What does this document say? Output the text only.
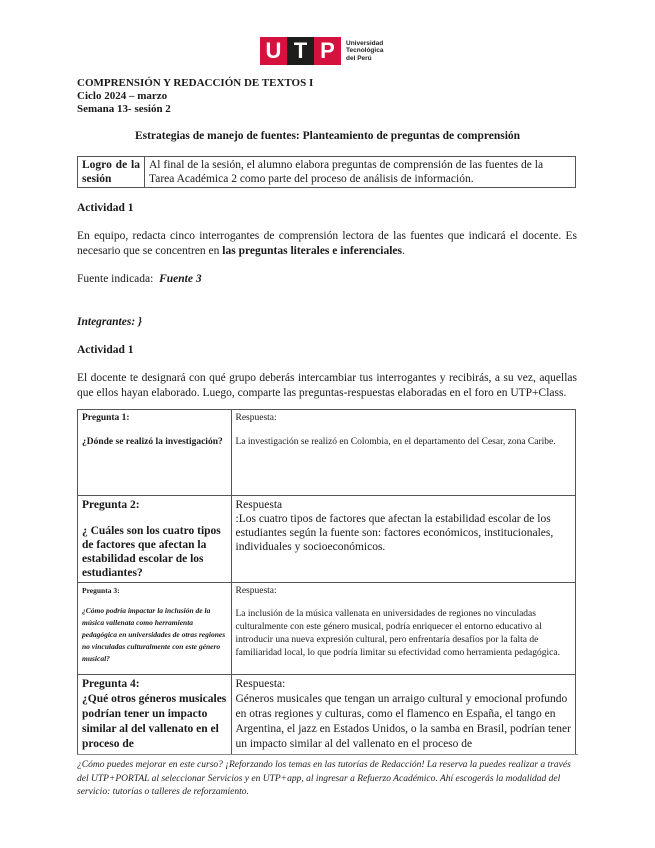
U T P	Universidad
Tecnológica
del Perú
COMPRENSIÓN Y REDACCIÓN DE TEXTOS I
Ciclo 2024 – marzo
Semana 13- sesión 2
Estrategias de manejo de fuentes: Planteamiento de preguntas de comprensión
Logro de la sesión	Al final de la sesión, el alumno elabora preguntas de comprensión de las fuentes de la Tarea Académica 2 como parte del proceso de análisis de información.
Actividad 1
En equipo, redacta cinco interrogantes de comprensión lectora de las fuentes que indicará el docente. Es necesario que se concentren en las preguntas literales e inferenciales.
Fuente indicada: Fuente 3
Integrantes: }
Actividad 1
El docente te designará con qué grupo deberás intercambiar tus interrogantes y recibirás, a su vez, aquellas que ellos hayan elaborado. Luego, comparte las preguntas-respuestas elaboradas en el foro en UTP+Class.
Pregunta 1:
¿Dónde se realizó la investigación?

Respuesta:
La investigación se realizó en Colombia, en el departamento del Cesar, zona Caribe.

Pregunta 2:
¿ Cuáles son los cuatro tipos de factores que afectan la estabilidad escolar de los estudiantes?

Respuesta
:Los cuatro tipos de factores que afectan la estabilidad escolar de los estudiantes según la fuente son: factores económicos, institucionales, individuales y socioeconómicos.

Pregunta 3:
¿Cómo podría impactar la inclusión de la música vallenata como herramienta pedagógica en universidades de otras regiones no vinculadas culturalmente con este género musical?

Respuesta:
La inclusión de la música vallenata en universidades de regiones no vinculadas culturalmente con este género musical, podría enriquecer el entorno educativo al introducir una nueva expresión cultural, pero enfrentaría desafíos por la falta de familiaridad local, lo que podría limitar su efectividad como herramienta pedagógica.

Pregunta 4:
¿Qué otros géneros musicales podrían tener un impacto similar al del vallenato en el proceso de

Respuesta:
Géneros musicales que tengan un arraigo cultural y emocional profundo en otras regiones y culturas, como el flamenco en España, el tango en Argentina, el jazz en Estados Unidos, o la samba en Brasil, podrían tener un impacto similar al del vallenato en el proceso de
¿Cómo puedes mejorar en este curso? ¡Reforzando los temas en las tutorías de Redacción! La reserva la puedes realizar a través del UTP+PORTAL al seleccionar Servicios y en UTP+app, al ingresar a Refuerzo Académico. Ahí escogerás la modalidad del servicio: tutorías o talleres de reforzamiento.
